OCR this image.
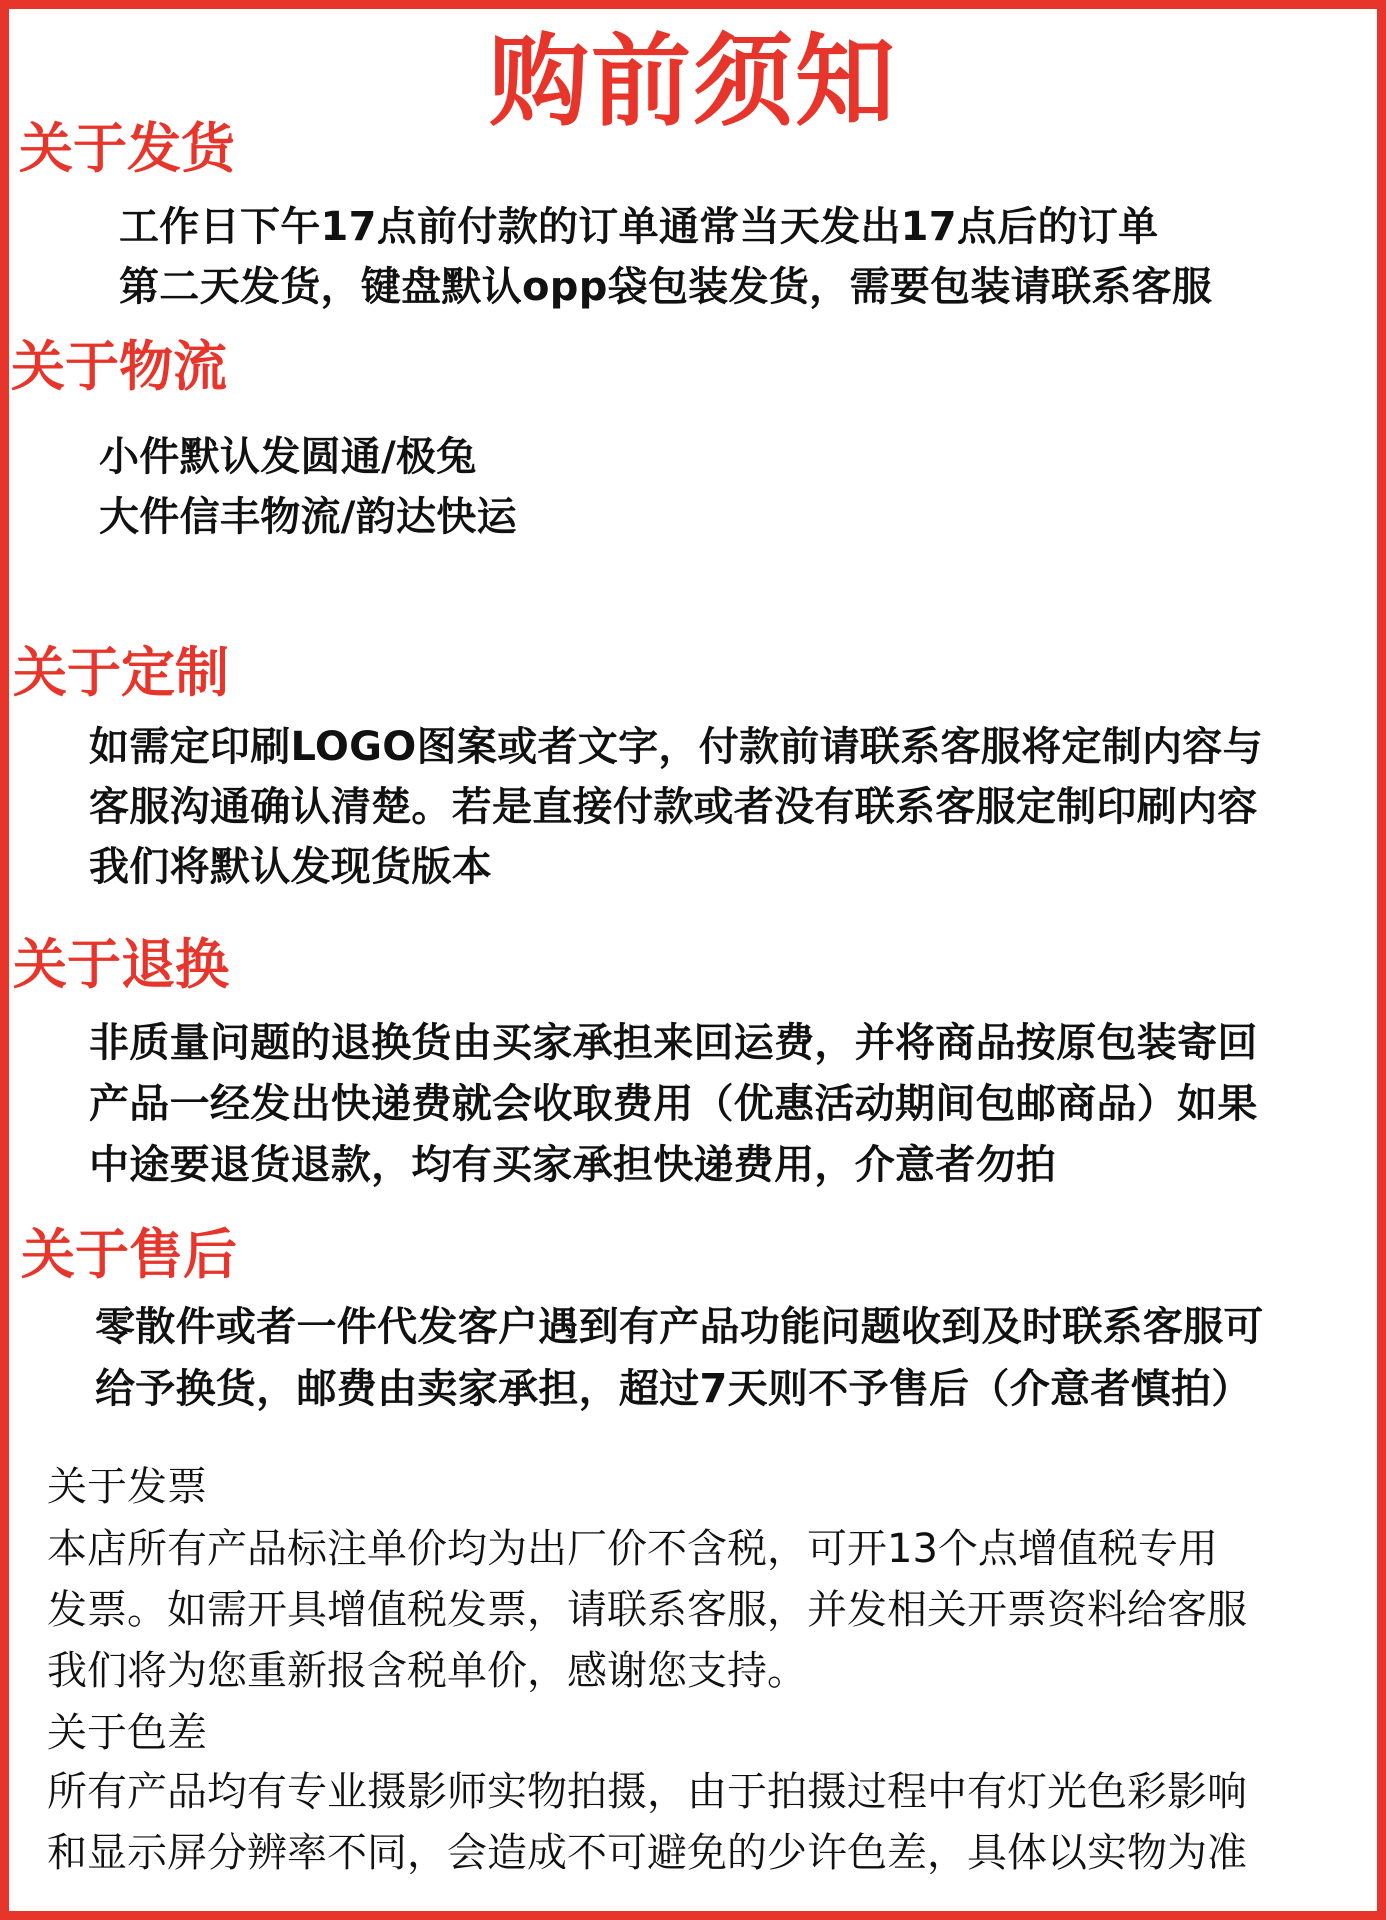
购前须知
关于发货
工作日下午17点前付款的订单通常当天发出17点后的订单
第二天发货，键盘默认opp袋包装发货，需要包装请联系客服
关于物流
小件默认发圆通/极兔
大件信丰物流/韵达快运
关于定制
如需定印刷LOGO图案或者文字，付款前请联系客服将定制内容与
客服沟通确认清楚。若是直接付款或者没有联系客服定制印刷内容
我们将默认发现货版本
关于退换
非质量问题的退换货由买家承担来回运费，并将商品按原包装寄回
产品一经发出快递费就会收取费用（优惠活动期间包邮商品）如果
中途要退货退款，均有买家承担快递费用，介意者勿拍
关于售后
零散件或者一件代发客户遇到有产品功能问题收到及时联系客服可
给予换货，邮费由卖家承担，超过7天则不予售后（介意者慎拍）
关于发票
本店所有产品标注单价均为出厂价不含税，可开13个点增值税专用
发票。如需开具增值税发票，请联系客服，并发相关开票资料给客服
我们将为您重新报含税单价，感谢您支持。
关于色差
所有产品均有专业摄影师实物拍摄，由于拍摄过程中有灯光色彩影响
和显示屏分辨率不同，会造成不可避免的少许色差，具体以实物为准
